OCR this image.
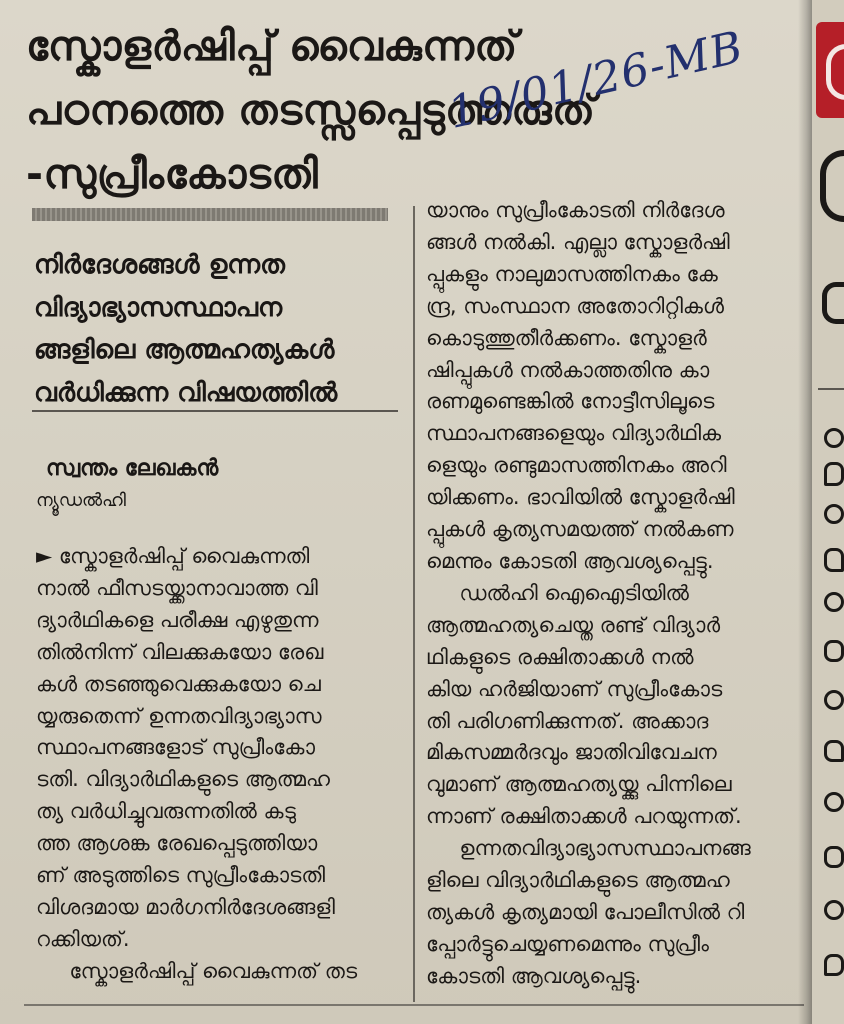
സ്കോളർഷിപ്പ് വൈകുന്നത്
പഠനത്തെ തടസ്സപ്പെടുത്തരുത്
-സുപ്രീംകോടതി
19/01/26-MB
നിർദേശങ്ങൾ ഉന്നത
വിദ്യാഭ്യാസസ്ഥാപന
ങ്ങളിലെ ആത്മഹത്യകൾ
വർധിക്കുന്ന വിഷയത്തിൽ
സ്വന്തം ലേഖകൻ
ന്യൂഡൽഹി
► സ്കോളർഷിപ്പ് വൈകുന്നതി
നാൽ ഫീസടയ്ക്കാനാവാത്ത വി
ദ്യാർഥികളെ പരീക്ഷ എഴുതുന്ന
തിൽനിന്ന് വിലക്കുകയോ രേഖ
കൾ തടഞ്ഞുവെക്കുകയോ ചെ
യ്യരുതെന്ന് ഉന്നതവിദ്യാഭ്യാസ
സ്ഥാപനങ്ങളോട് സുപ്രീംകോ
ടതി. വിദ്യാർഥികളുടെ ആത്മഹ
ത്യ വർധിച്ചുവരുന്നതിൽ കടു
ത്ത ആശങ്ക രേഖപ്പെടുത്തിയാ
ണ് അടുത്തിടെ സുപ്രീംകോടതി
വിശദമായ മാർഗനിർദേശങ്ങളി
റക്കിയത്.
സ്കോളർഷിപ്പ് വൈകുന്നത് തട
യാനും സുപ്രീംകോടതി നിർദേശ
ങ്ങൾ നൽകി. എല്ലാ സ്കോളർഷി
പ്പുകളും നാലുമാസത്തിനകം കേ
ന്ദ്ര, സംസ്ഥാന അതോറിറ്റികൾ
കൊടുത്തുതീർക്കണം. സ്കോളർ
ഷിപ്പുകൾ നൽകാത്തതിനു കാ
രണമുണ്ടെങ്കിൽ നോട്ടീസിലൂടെ
സ്ഥാപനങ്ങളെയും വിദ്യാർഥിക
ളെയും രണ്ടുമാസത്തിനകം അറി
യിക്കണം. ഭാവിയിൽ സ്കോളർഷി
പ്പുകൾ കൃത്യസമയത്ത് നൽകണ
മെന്നും കോടതി ആവശ്യപ്പെട്ടു.
ഡൽഹി ഐഐടിയിൽ
ആത്മഹത്യചെയ്ത രണ്ട് വിദ്യാർ
ഥികളുടെ രക്ഷിതാക്കൾ നൽ
കിയ ഹർജിയാണ് സുപ്രീംകോട
തി പരിഗണിക്കുന്നത്. അക്കാദ
മികസമ്മർദവും ജാതിവിവേചന
വുമാണ് ആത്മഹത്യയ്ക്കു പിന്നിലെ
ന്നാണ് രക്ഷിതാക്കൾ പറയുന്നത്.
ഉന്നതവിദ്യാഭ്യാസസ്ഥാപനങ്ങ
ളിലെ വിദ്യാർഥികളുടെ ആത്മഹ
ത്യകൾ കൃത്യമായി പോലീസിൽ റി
പ്പോർട്ടുചെയ്യണമെന്നും സുപ്രീം
കോടതി ആവശ്യപ്പെട്ടു.
